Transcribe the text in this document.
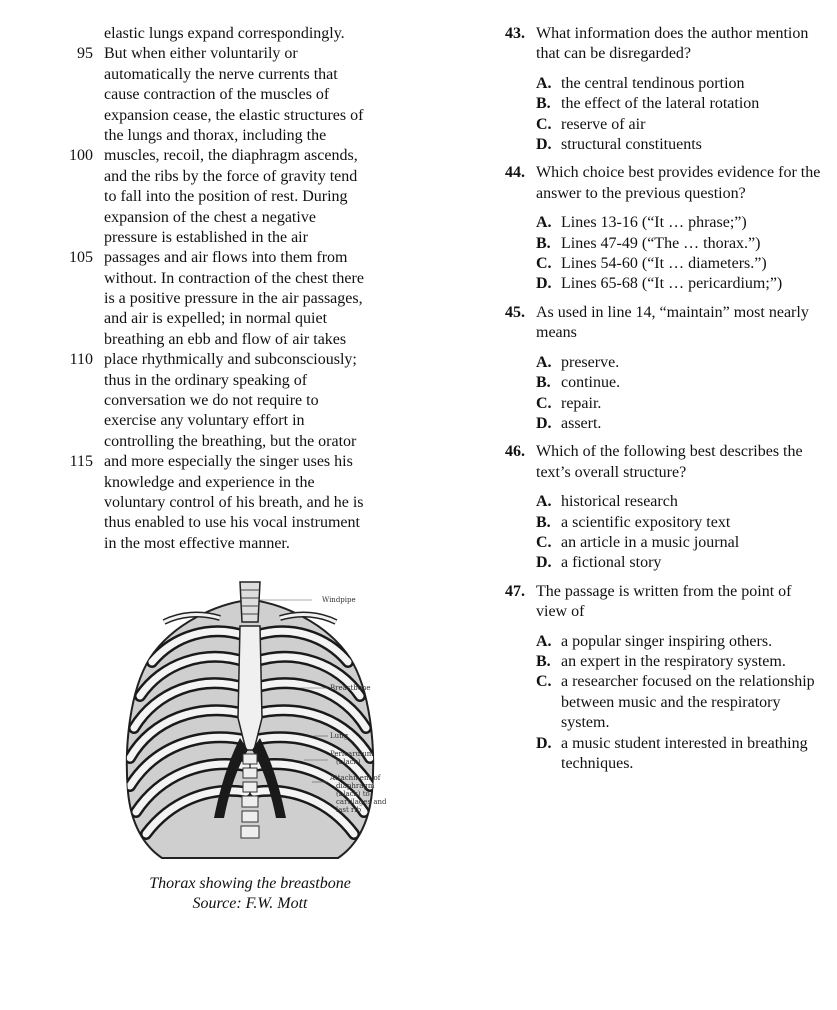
elastic lungs expand correspondingly.
95 But when either voluntarily or
automatically the nerve currents that
cause contraction of the muscles of
expansion cease, the elastic structures of
the lungs and thorax, including the
100 muscles, recoil, the diaphragm ascends,
and the ribs by the force of gravity tend
to fall into the position of rest. During
expansion of the chest a negative
pressure is established in the air
105 passages and air flows into them from
without. In contraction of the chest there
is a positive pressure in the air passages,
and air is expelled; in normal quiet
breathing an ebb and flow of air takes
110 place rhythmically and subconsciously;
thus in the ordinary speaking of
conversation we do not require to
exercise any voluntary effort in
controlling the breathing, but the orator
115 and more especially the singer uses his
knowledge and experience in the
voluntary control of his breath, and he is
thus enabled to use his vocal instrument
in the most effective manner.
Windpipe
Breastbone
Lung
Pericardium
(black)
Attachment of
diaphragm
(black) to
cartilages and
last rib
Thorax showing the breastbone
Source: F.W. Mott
43. What information does the author mention that can be disregarded?
A. the central tendinous portion
B. the effect of the lateral rotation
C. reserve of air
D. structural constituents
44. Which choice best provides evidence for the answer to the previous question?
A. Lines 13-16 (“It … phrase;”)
B. Lines 47-49 (“The … thorax.”)
C. Lines 54-60 (“It … diameters.”)
D. Lines 65-68 (“It … pericardium;”)
45. As used in line 14, “maintain” most nearly means
A. preserve.
B. continue.
C. repair.
D. assert.
46. Which of the following best describes the text’s overall structure?
A. historical research
B. a scientific expository text
C. an article in a music journal
D. a fictional story
47. The passage is written from the point of view of
A. a popular singer inspiring others.
B. an expert in the respiratory system.
C. a researcher focused on the relationship between music and the respiratory system.
D. a music student interested in breathing techniques.
